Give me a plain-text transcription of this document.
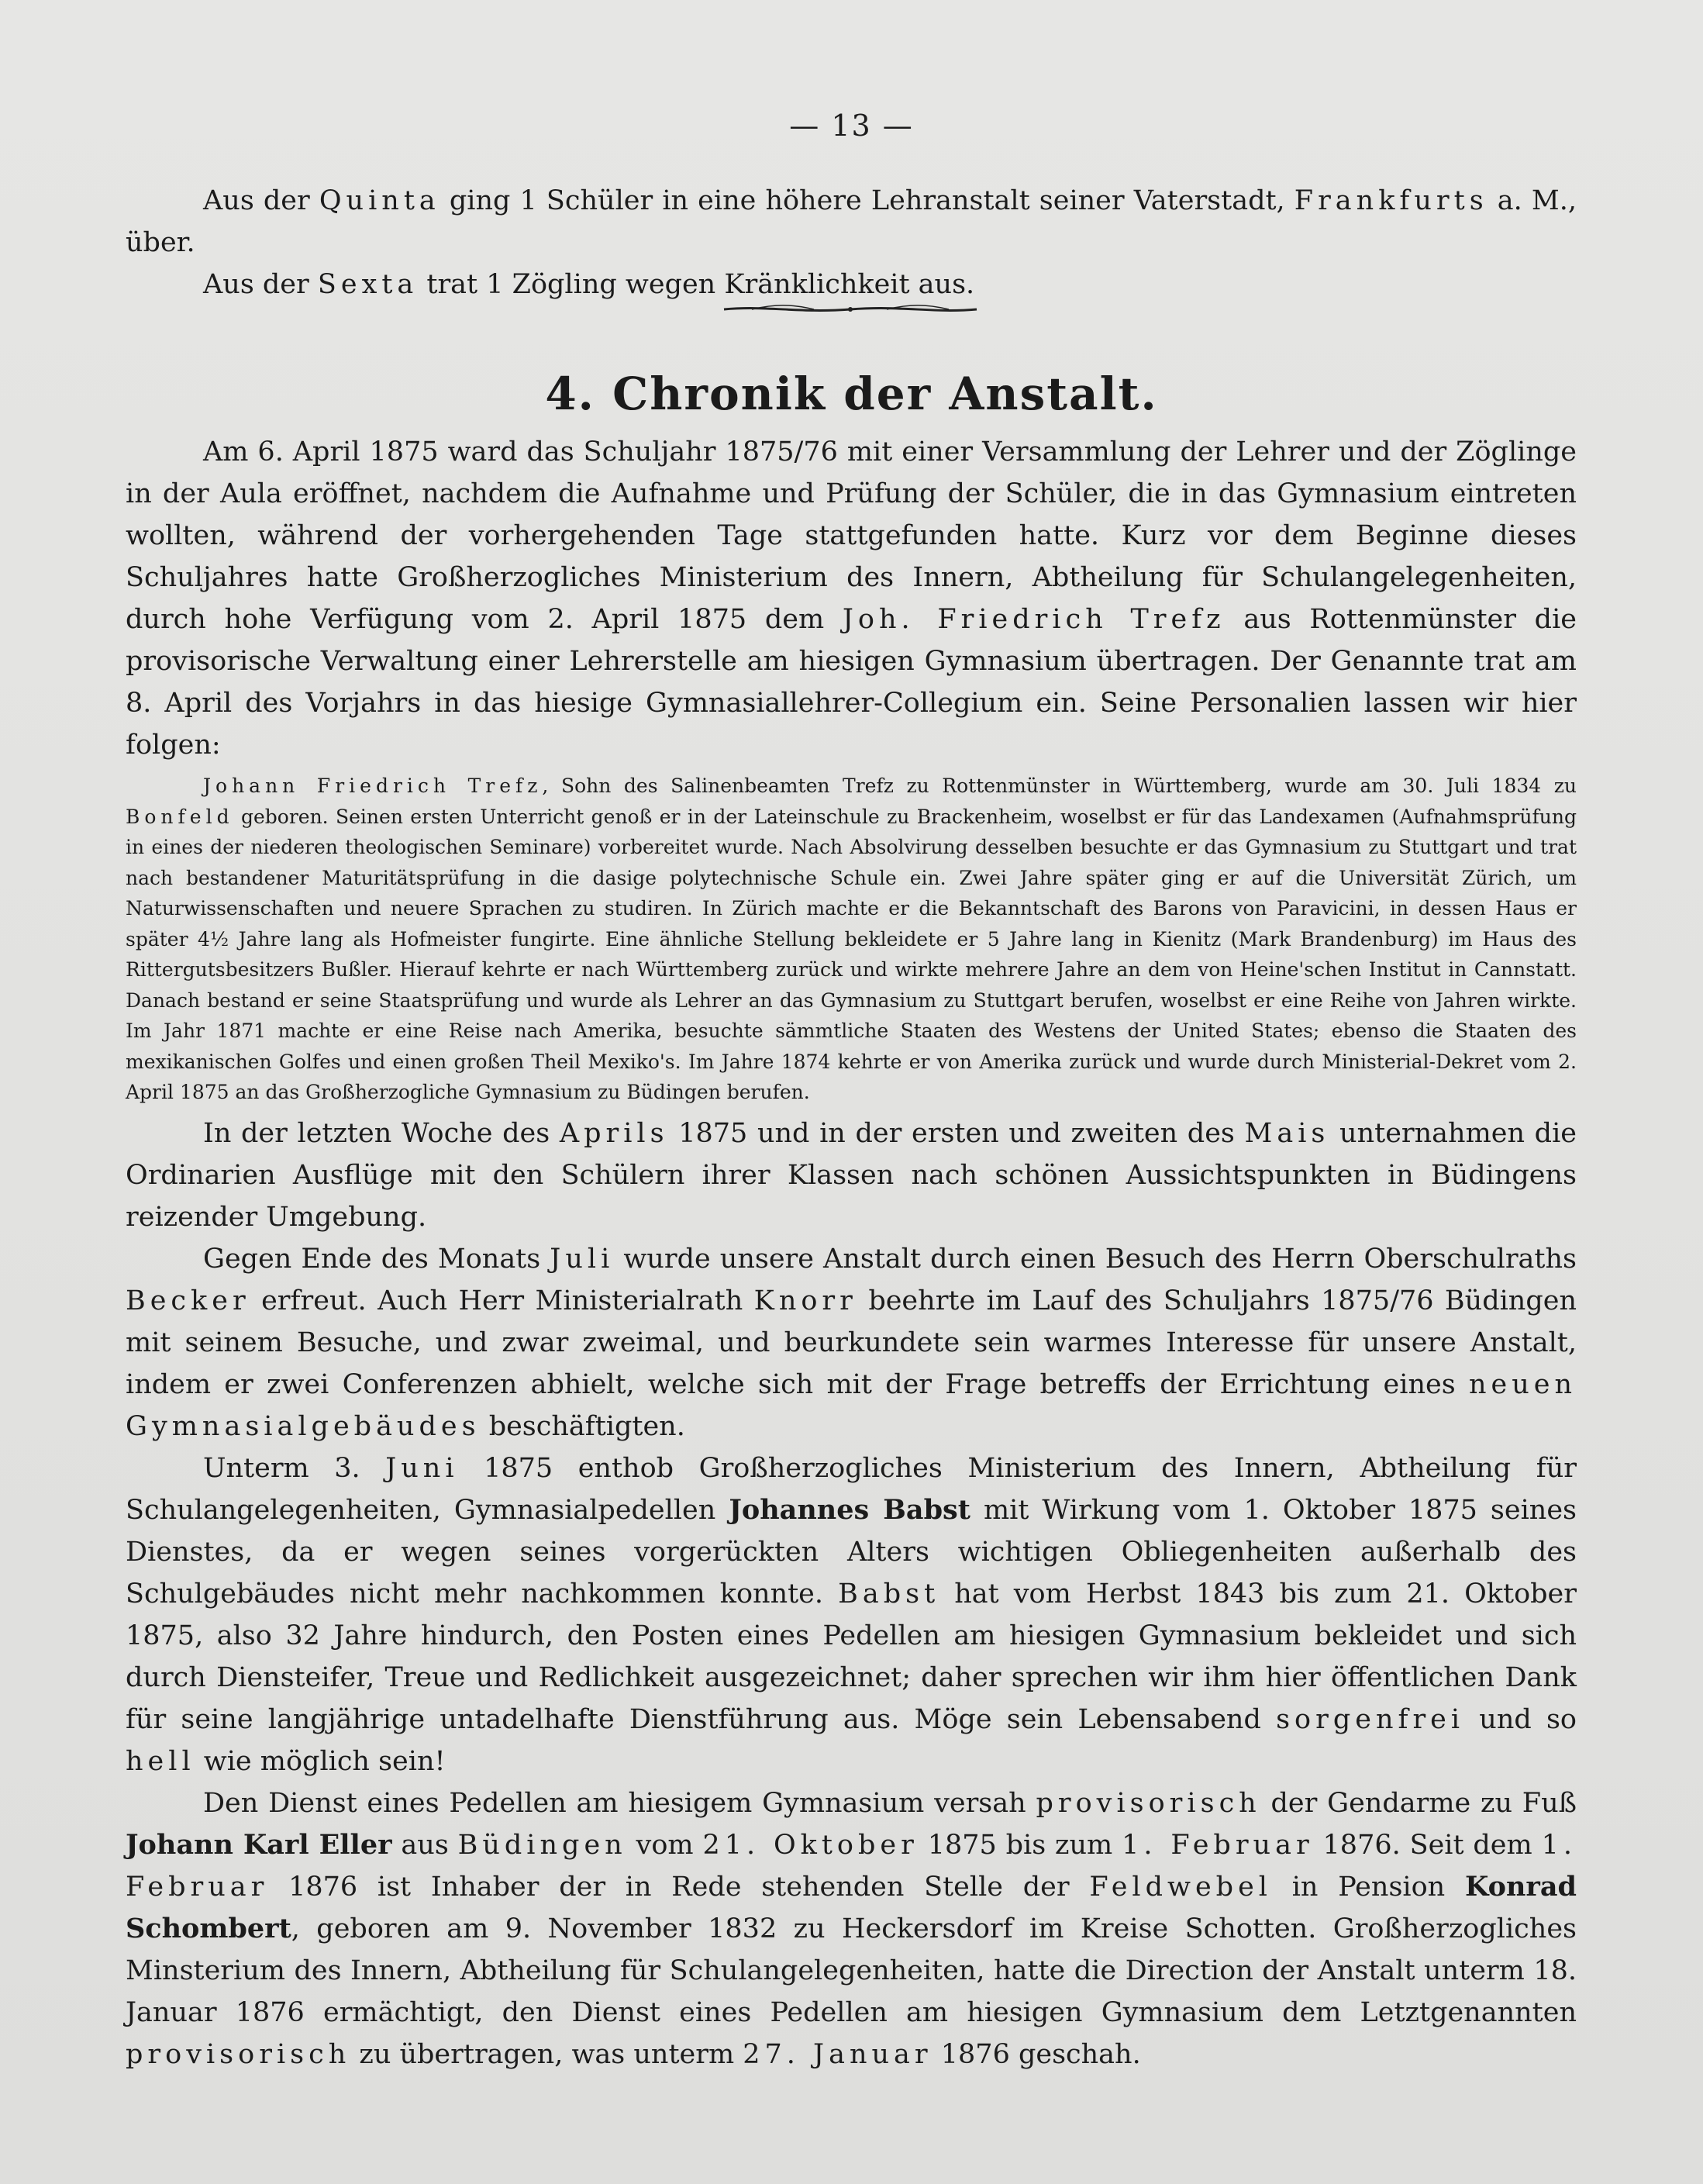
— 13 —

Aus der Quinta ging 1 Schüler in eine höhere Lehranstalt seiner Vaterstadt, Frankfurts a. M., über.

Aus der Sexta trat 1 Zögling wegen Kränklichkeit aus.

4. Chronik der Anstalt.

Am 6. April 1875 ward das Schuljahr 1875/76 mit einer Versammlung der Lehrer und der Zöglinge in der Aula eröffnet, nachdem die Aufnahme und Prüfung der Schüler, die in das Gymnasium eintreten wollten, während der vorhergehenden Tage stattgefunden hatte. Kurz vor dem Beginne dieses Schuljahres hatte Großherzogliches Ministerium des Innern, Abtheilung für Schulangelegenheiten, durch hohe Verfügung vom 2. April 1875 dem Joh. Friedrich Trefz aus Rottenmünster die provisorische Verwaltung einer Lehrerstelle am hiesigen Gymnasium übertragen. Der Genannte trat am 8. April des Vorjahrs in das hiesige Gymnasiallehrer-Collegium ein. Seine Personalien lassen wir hier folgen:

Johann Friedrich Trefz, Sohn des Salinenbeamten Trefz zu Rottenmünster in Württemberg, wurde am 30. Juli 1834 zu Bonfeld geboren. Seinen ersten Unterricht genoß er in der Lateinschule zu Brackenheim, woselbst er für das Landexamen (Aufnahmsprüfung in eines der niederen theologischen Seminare) vorbereitet wurde. Nach Absolvirung desselben besuchte er das Gymnasium zu Stuttgart und trat nach bestandener Maturitätsprüfung in die dasige polytechnische Schule ein. Zwei Jahre später ging er auf die Universität Zürich, um Naturwissenschaften und neuere Sprachen zu studiren. In Zürich machte er die Bekanntschaft des Barons von Paravicini, in dessen Haus er später 4½ Jahre lang als Hofmeister fungirte. Eine ähnliche Stellung bekleidete er 5 Jahre lang in Kienitz (Mark Brandenburg) im Haus des Rittergutsbesitzers Bußler. Hierauf kehrte er nach Württemberg zurück und wirkte mehrere Jahre an dem von Heine'schen Institut in Cannstatt. Danach bestand er seine Staatsprüfung und wurde als Lehrer an das Gymnasium zu Stuttgart berufen, woselbst er eine Reihe von Jahren wirkte. Im Jahr 1871 machte er eine Reise nach Amerika, besuchte sämmtliche Staaten des Westens der United States; ebenso die Staaten des mexikanischen Golfes und einen großen Theil Mexiko's. Im Jahre 1874 kehrte er von Amerika zurück und wurde durch Ministerial-Dekret vom 2. April 1875 an das Großherzogliche Gymnasium zu Büdingen berufen.

In der letzten Woche des Aprils 1875 und in der ersten und zweiten des Mais unternahmen die Ordinarien Ausflüge mit den Schülern ihrer Klassen nach schönen Aussichtspunkten in Büdingens reizender Umgebung.

Gegen Ende des Monats Juli wurde unsere Anstalt durch einen Besuch des Herrn Oberschulraths Becker erfreut. Auch Herr Ministerialrath Knorr beehrte im Lauf des Schuljahrs 1875/76 Büdingen mit seinem Besuche, und zwar zweimal, und beurkundete sein warmes Interesse für unsere Anstalt, indem er zwei Conferenzen abhielt, welche sich mit der Frage betreffs der Errichtung eines neuen Gymnasialgebäudes beschäftigten.

Unterm 3. Juni 1875 enthob Großherzogliches Ministerium des Innern, Abtheilung für Schulangelegenheiten, Gymnasialpedellen Johannes Babst mit Wirkung vom 1. Oktober 1875 seines Dienstes, da er wegen seines vorgerückten Alters wichtigen Obliegenheiten außerhalb des Schulgebäudes nicht mehr nachkommen konnte. Babst hat vom Herbst 1843 bis zum 21. Oktober 1875, also 32 Jahre hindurch, den Posten eines Pedellen am hiesigen Gymnasium bekleidet und sich durch Diensteifer, Treue und Redlichkeit ausgezeichnet; daher sprechen wir ihm hier öffentlichen Dank für seine langjährige untadelhafte Dienstführung aus. Möge sein Lebensabend sorgenfrei und so hell wie möglich sein!

Den Dienst eines Pedellen am hiesigem Gymnasium versah provisorisch der Gendarme zu Fuß Johann Karl Eller aus Büdingen vom 21. Oktober 1875 bis zum 1. Februar 1876. Seit dem 1. Februar 1876 ist Inhaber der in Rede stehenden Stelle der Feldwebel in Pension Konrad Schombert, geboren am 9. November 1832 zu Heckersdorf im Kreise Schotten. Großherzogliches Minsterium des Innern, Abtheilung für Schulangelegenheiten, hatte die Direction der Anstalt unterm 18. Januar 1876 ermächtigt, den Dienst eines Pedellen am hiesigen Gymnasium dem Letztgenannten provisorisch zu übertragen, was unterm 27. Januar 1876 geschah.
